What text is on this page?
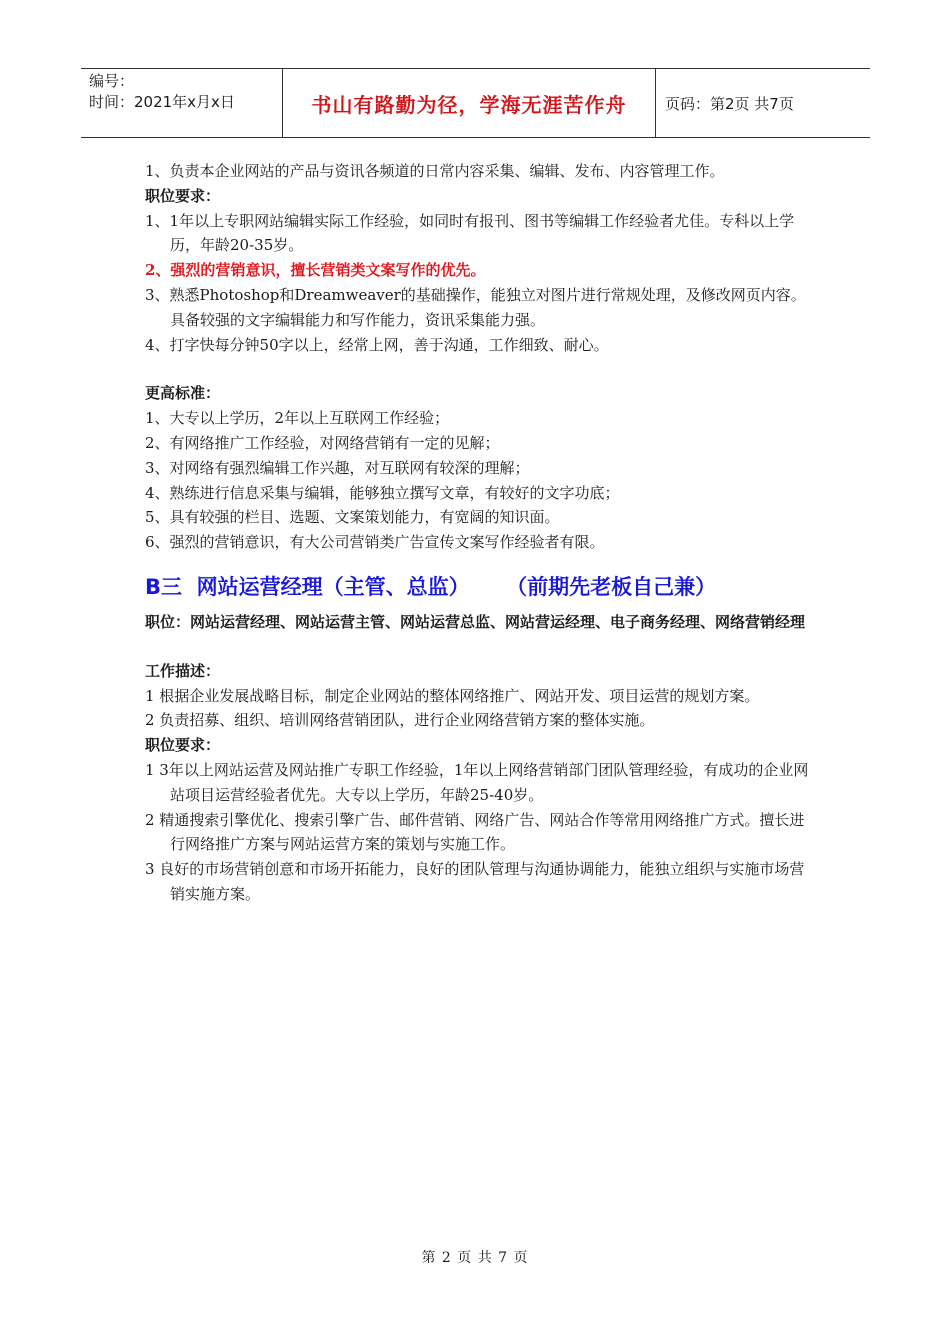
编号：
时间：2021年x月x日	书山有路勤为径，学海无涯苦作舟	页码：第2页 共7页

1、负责本企业网站的产品与资讯各频道的日常内容采集、编辑、发布、内容管理工作。

职位要求：

1、1年以上专职网站编辑实际工作经验，如同时有报刊、图书等编辑工作经验者尤佳。专科以上学历，年龄20-35岁。

2、强烈的营销意识，擅长营销类文案写作的优先。

3、熟悉Photoshop和Dreamweaver的基础操作，能独立对图片进行常规处理，及修改网页内容。具备较强的文字编辑能力和写作能力，资讯采集能力强。

4、打字快每分钟50字以上，经常上网，善于沟通，工作细致、耐心。

更高标准：

1、大专以上学历，2年以上互联网工作经验；

2、有网络推广工作经验，对网络营销有一定的见解；

3、对网络有强烈编辑工作兴趣，对互联网有较深的理解；

4、熟练进行信息采集与编辑，能够独立撰写文章，有较好的文字功底；

5、具有较强的栏目、选题、文案策划能力，有宽阔的知识面。

6、强烈的营销意识，有大公司营销类广告宣传文案写作经验者有限。

B三  网站运营经理（主管、总监）     （前期先老板自己兼）

职位：网站运营经理、网站运营主管、网站运营总监、网站营运经理、电子商务经理、网络营销经理

工作描述：

1 根据企业发展战略目标，制定企业网站的整体网络推广、网站开发、项目运营的规划方案。

2 负责招募、组织、培训网络营销团队，进行企业网络营销方案的整体实施。

职位要求：

1 3年以上网站运营及网站推广专职工作经验，1年以上网络营销部门团队管理经验，有成功的企业网站项目运营经验者优先。大专以上学历，年龄25-40岁。

2 精通搜索引擎优化、搜索引擎广告、邮件营销、网络广告、网站合作等常用网络推广方式。擅长进行网络推广方案与网站运营方案的策划与实施工作。

3 良好的市场营销创意和市场开拓能力，良好的团队管理与沟通协调能力，能独立组织与实施市场营销实施方案。

第 2 页 共 7 页
